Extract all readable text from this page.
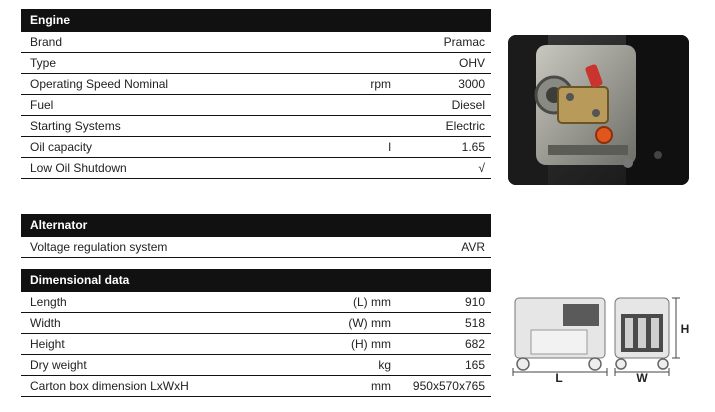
Engine
Brand	Pramac
Type	OHV
Operating Speed Nominal	rpm	3000
Fuel	Diesel
Starting Systems	Electric
Oil capacity	l	1.65
Low Oil Shutdown	√
Alternator
Voltage regulation system	AVR
Dimensional data
Length	(L) mm	910
Width	(W) mm	518
Height	(H) mm	682
Dry weight	kg	165
Carton box dimension LxWxH	mm 950x570x765
L	W
H
